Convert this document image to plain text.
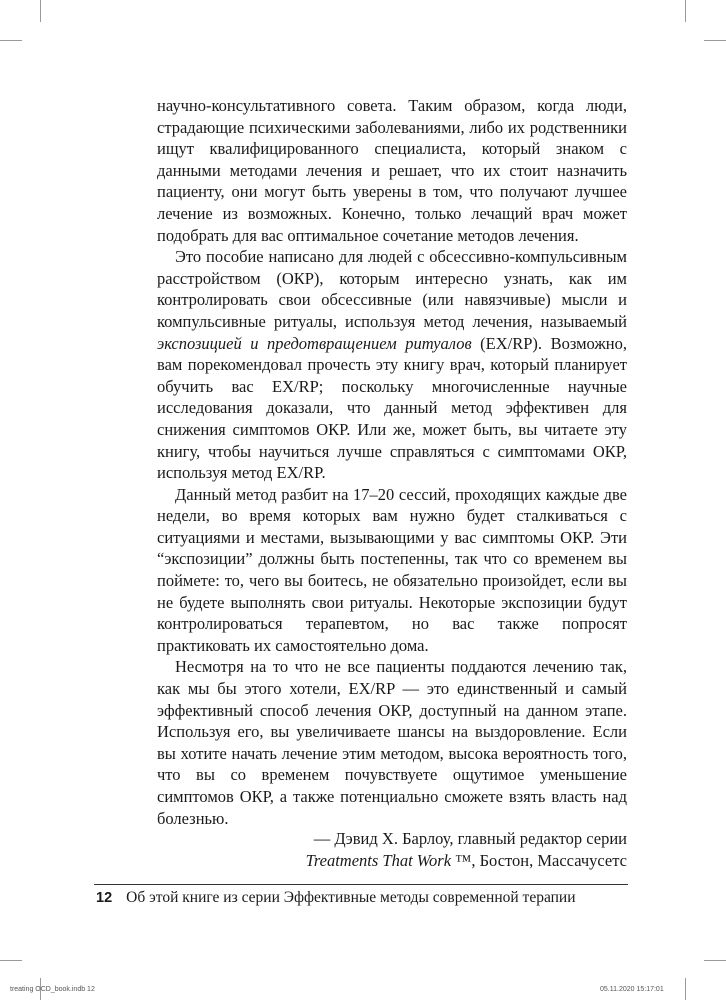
научно-консультативного совета. Таким образом, когда люди, страдающие психическими заболеваниями, либо их родственники ищут квалифицированного специалиста, который знаком с данными методами лечения и решает, что их стоит назначить пациенту, они могут быть уверены в том, что получают лучшее лечение из возможных. Конечно, только лечащий врач может подобрать для вас оптимальное сочетание методов лечения.

Это пособие написано для людей с обсессивно-компульсивным расстройством (ОКР), которым интересно узнать, как им контролировать свои обсессивные (или навязчивые) мысли и компульсивные ритуалы, используя метод лечения, называемый экспозицией и предотвращением ритуалов (EX/RP). Возможно, вам порекомендовал прочесть эту книгу врач, который планирует обучить вас EX/RP; поскольку многочисленные научные исследования доказали, что данный метод эффективен для снижения симптомов ОКР. Или же, может быть, вы читаете эту книгу, чтобы научиться лучше справляться с симптомами ОКР, используя метод EX/RP.

Данный метод разбит на 17–20 сессий, проходящих каждые две недели, во время которых вам нужно будет сталкиваться с ситуациями и местами, вызывающими у вас симптомы ОКР. Эти “экспозиции” должны быть постепенны, так что со временем вы поймете: то, чего вы боитесь, не обязательно произойдет, если вы не будете выполнять свои ритуалы. Некоторые экспозиции будут контролироваться терапевтом, но вас также попросят практиковать их самостоятельно дома.

Несмотря на то что не все пациенты поддаются лечению так, как мы бы этого хотели, EX/RP — это единственный и самый эффективный способ лечения ОКР, доступный на данном этапе. Используя его, вы увеличиваете шансы на выздоровление. Если вы хотите начать лечение этим методом, высока вероятность того, что вы со временем почувствуете ощутимое уменьшение симптомов ОКР, а также потенциально сможете взять власть над болезнью.

— Дэвид Х. Барлоу, главный редактор серии
Treatments That Work ™, Бостон, Массачусетс
12 Об этой книге из серии Эффективные методы современной терапии
treating OCD_book.indb 12	05.11.2020 15:17:01
